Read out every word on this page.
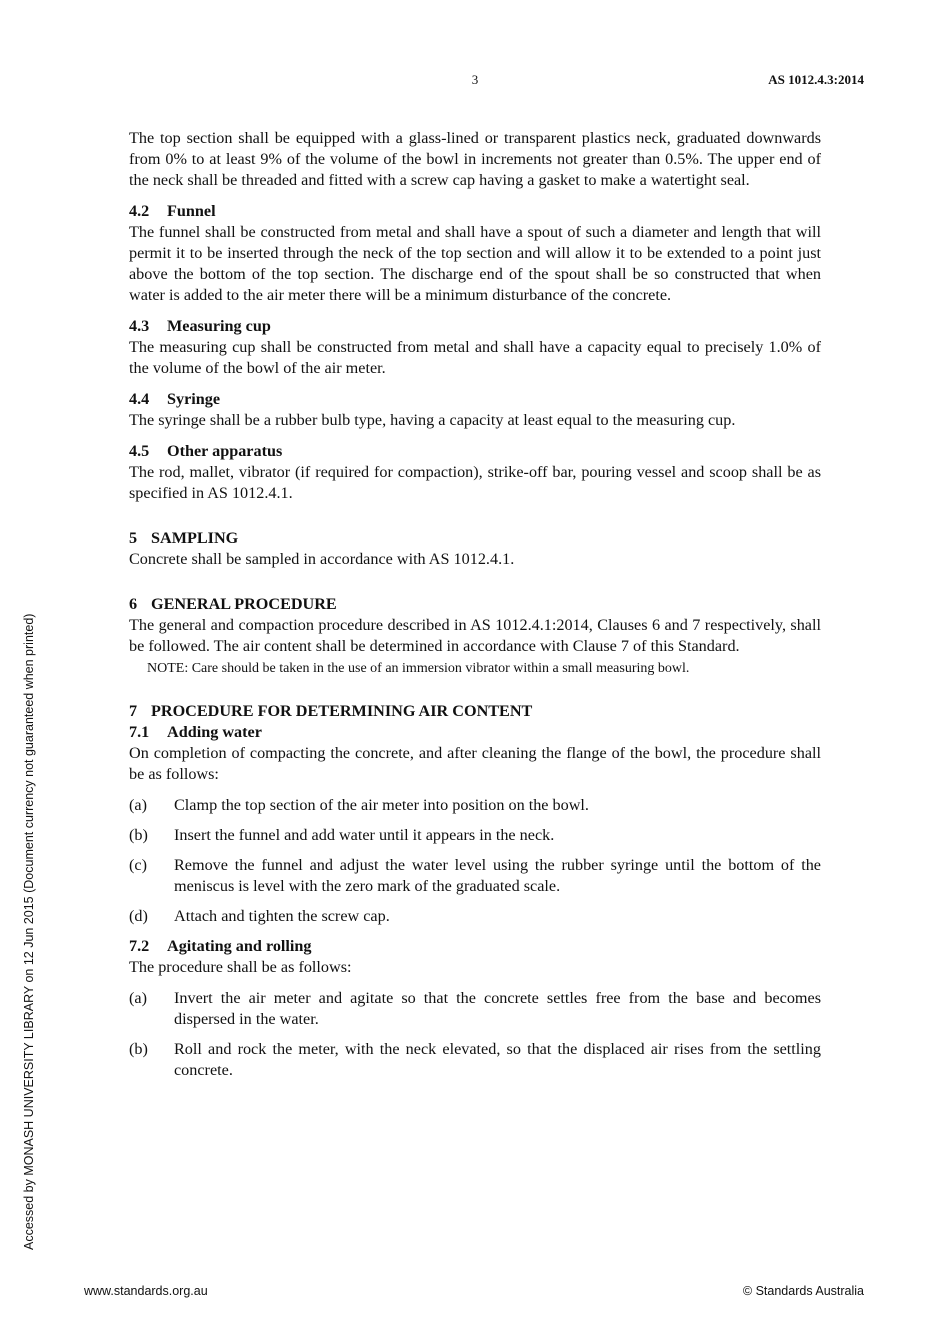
3	AS 1012.4.3:2014
Accessed by MONASH UNIVERSITY LIBRARY on 12 Jun 2015 (Document currency not guaranteed when printed)

The top section shall be equipped with a glass-lined or transparent plastics neck, graduated downwards from 0% to at least 9% of the volume of the bowl in increments not greater than 0.5%. The upper end of the neck shall be threaded and fitted with a screw cap having a gasket to make a watertight seal.

4.2 Funnel

The funnel shall be constructed from metal and shall have a spout of such a diameter and length that will permit it to be inserted through the neck of the top section and will allow it to be extended to a point just above the bottom of the top section. The discharge end of the spout shall be so constructed that when water is added to the air meter there will be a minimum disturbance of the concrete.

4.3 Measuring cup

The measuring cup shall be constructed from metal and shall have a capacity equal to precisely 1.0% of the volume of the bowl of the air meter.

4.4 Syringe

The syringe shall be a rubber bulb type, having a capacity at least equal to the measuring cup.

4.5 Other apparatus

The rod, mallet, vibrator (if required for compaction), strike-off bar, pouring vessel and scoop shall be as specified in AS 1012.4.1.

5 SAMPLING

Concrete shall be sampled in accordance with AS 1012.4.1.

6 GENERAL PROCEDURE

The general and compaction procedure described in AS 1012.4.1:2014, Clauses 6 and 7 respectively, shall be followed. The air content shall be determined in accordance with Clause 7 of this Standard.

NOTE: Care should be taken in the use of an immersion vibrator within a small measuring bowl.

7 PROCEDURE FOR DETERMINING AIR CONTENT

7.1 Adding water

On completion of compacting the concrete, and after cleaning the flange of the bowl, the procedure shall be as follows:

(a)	Clamp the top section of the air meter into position on the bowl.
(b)	Insert the funnel and add water until it appears in the neck.
(c)	Remove the funnel and adjust the water level using the rubber syringe until the bottom of the meniscus is level with the zero mark of the graduated scale.
(d)	Attach and tighten the screw cap.

7.2 Agitating and rolling

The procedure shall be as follows:

(a)	Invert the air meter and agitate so that the concrete settles free from the base and becomes dispersed in the water.
(b)	Roll and rock the meter, with the neck elevated, so that the displaced air rises from the settling concrete.
www.standards.org.au	© Standards Australia
